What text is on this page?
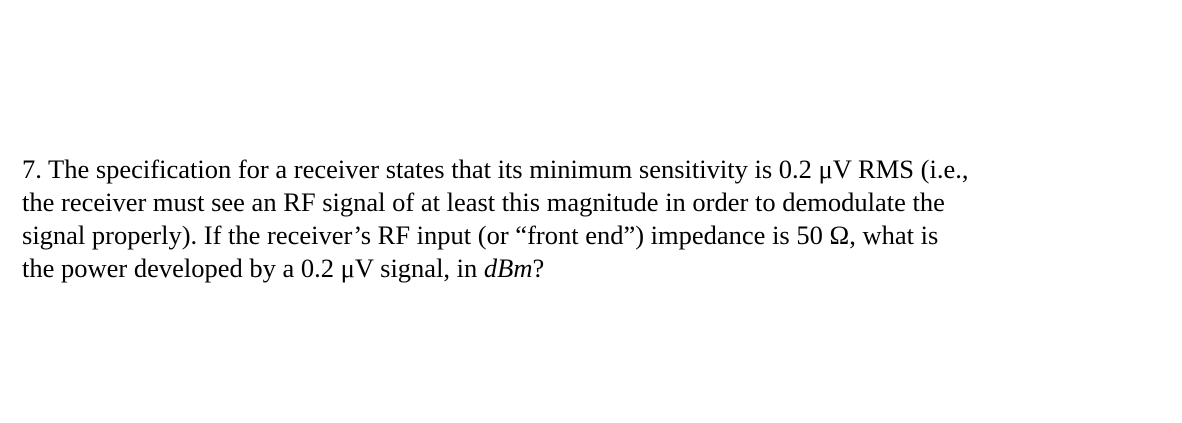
7. The specification for a receiver states that its minimum sensitivity is 0.2 μV RMS (i.e.,
the receiver must see an RF signal of at least this magnitude in order to demodulate the
signal properly). If the receiver’s RF input (or “front end”) impedance is 50 Ω, what is
the power developed by a 0.2 μV signal, in dBm?
